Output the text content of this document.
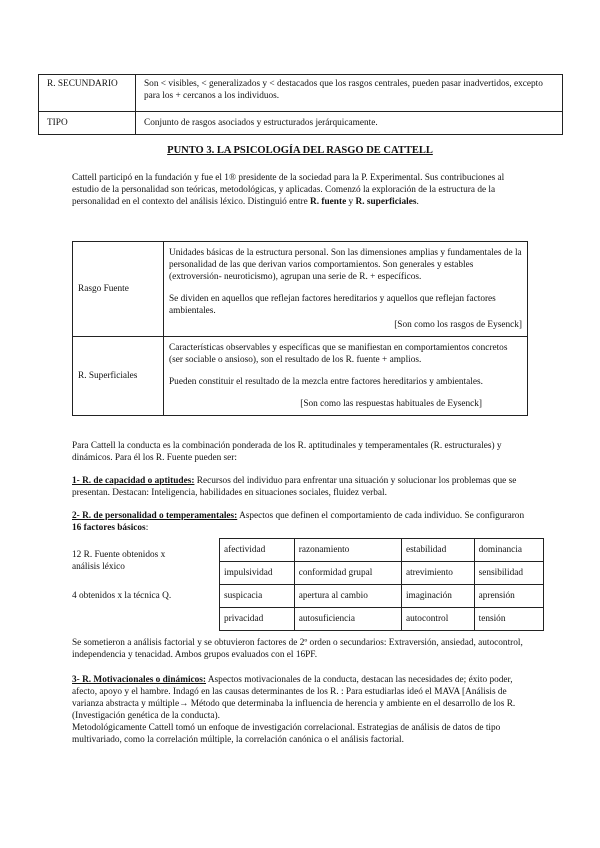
R. SECUNDARIO	Son < visibles, < generalizados y < destacados que los rasgos centrales, pueden pasar inadvertidos, excepto para los + cercanos a los individuos.
TIPO	Conjunto de rasgos asociados y estructurados jerárquicamente.
PUNTO 3. LA PSICOLOGÍA DEL RASGO DE CATTELL

Cattell participó en la fundación y fue el 1® presidente de la sociedad para la P. Experimental. Sus contribuciones al estudio de la personalidad son teóricas, metodológicas, y aplicadas. Comenzó la exploración de la estructura de la personalidad en el contexto del análisis léxico. Distinguió entre R. fuente y R. superficiales.

Rasgo Fuente	Unidades básicas de la estructura personal. Son las dimensiones amplias y fundamentales de la personalidad de las que derivan varios comportamientos. Son generales y estables (extroversión- neuroticismo), agrupan una serie de R. + específicos.

Se dividen en aquellos que reflejan factores hereditarios y aquellos que reflejan factores ambientales.

[Son como los rasgos de Eysenck]

R. Superficiales	Características observables y específicas que se manifiestan en comportamientos concretos (ser sociable o ansioso), son el resultado de los R. fuente + amplios.

Pueden constituir el resultado de la mezcla entre factores hereditarios y ambientales.

[Son como las respuestas habituales de Eysenck]

Para Cattell la conducta es la combinación ponderada de los R. aptitudinales y temperamentales (R. estructurales) y dinámicos. Para él los R. Fuente pueden ser:

1- R. de capacidad o aptitudes: Recursos del individuo para enfrentar una situación y solucionar los problemas que se presentan. Destacan: Inteligencia, habilidades en situaciones sociales, fluidez verbal.

2- R. de personalidad o temperamentales: Aspectos que definen el comportamiento de cada individuo. Se configuraron 16 factores básicos:

12 R. Fuente obtenidos x análisis léxico
4 obtenidos x la técnica Q.
afectividad	razonamiento	estabilidad	dominancia
impulsividad	conformidad grupal	atrevimiento	sensibilidad
suspicacia	apertura al cambio	imaginación	aprensión
privacidad	autosuficiencia	autocontrol	tensión
Se sometieron a análisis factorial y se obtuvieron factores de 2º orden o secundarios: Extraversión, ansiedad, autocontrol, independencia y tenacidad. Ambos grupos evaluados con el 16PF.

3- R. Motivacionales o dinámicos: Aspectos motivacionales de la conducta, destacan las necesidades de; éxito poder, afecto, apoyo y el hambre. Indagó en las causas determinantes de los R. : Para estudiarlas ideó el MAVA [Análisis de varianza abstracta y múltiple→ Método que determinaba la influencia de herencia y ambiente en el desarrollo de los R. (Investigación genética de la conducta).

Metodológicamente Cattell tomó un enfoque de investigación correlacional. Estrategias de análisis de datos de tipo multivariado, como la correlación múltiple, la correlación canónica o el análisis factorial.
